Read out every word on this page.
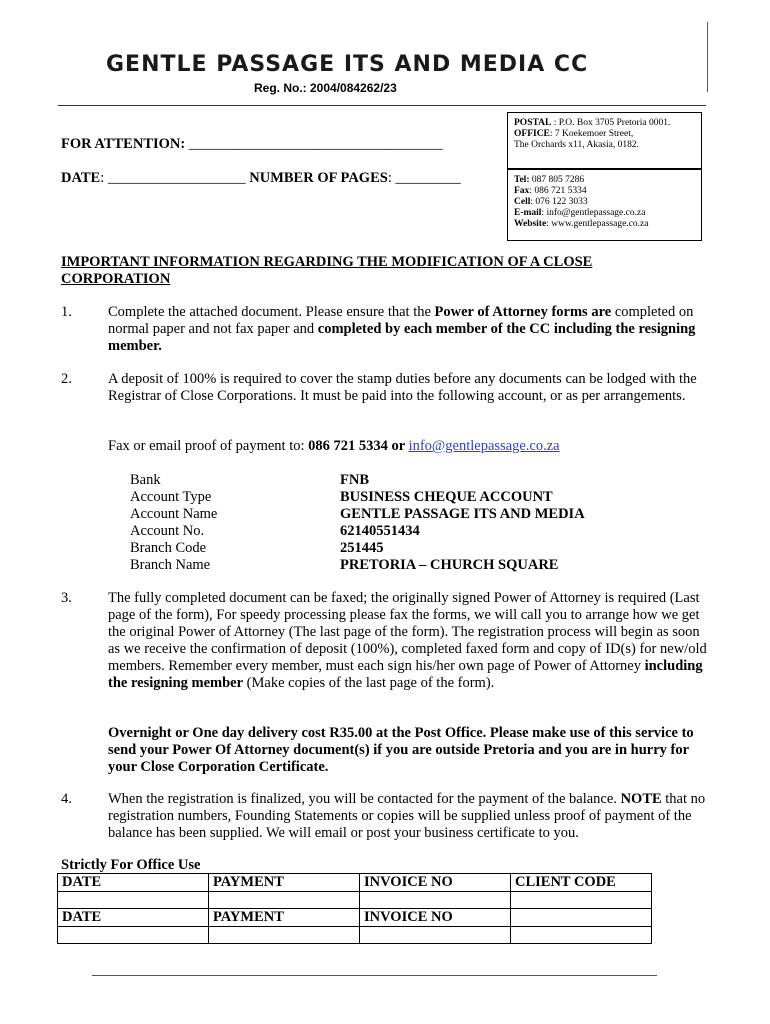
GENTLE PASSAGE ITS AND MEDIA CC
Reg. No.: 2004/084262/23
FOR ATTENTION: ___________________________________
DATE: ___________________ NUMBER OF PAGES: _________
POSTAL : P.O. Box 3705 Pretoria 0001.
OFFICE: 7 Koekemoer Street,
The Orchards x11, Akasia, 0182.
Tel: 087 805 7286
Fax: 086 721 5334
Cell: 076 122 3033
E-mail: info@gentlepassage.co.za
Website: www.gentlepassage.co.za
IMPORTANT INFORMATION REGARDING THE MODIFICATION OF A CLOSE CORPORATION
1. Complete the attached document. Please ensure that the Power of Attorney forms are completed on normal paper and not fax paper and completed by each member of the CC including the resigning member.
2. A deposit of 100% is required to cover the stamp duties before any documents can be lodged with the Registrar of Close Corporations. It must be paid into the following account, or as per arrangements.
Fax or email proof of payment to: 086 721 5334 or info@gentlepassage.co.za
Bank	FNB
Account Type	BUSINESS CHEQUE ACCOUNT
Account Name	GENTLE PASSAGE ITS AND MEDIA
Account No.	62140551434
Branch Code	251445
Branch Name	PRETORIA – CHURCH SQUARE
3. The fully completed document can be faxed; the originally signed Power of Attorney is required (Last page of the form), For speedy processing please fax the forms, we will call you to arrange how we get the original Power of Attorney (The last page of the form). The registration process will begin as soon as we receive the confirmation of deposit (100%), completed faxed form and copy of ID(s) for new/old members. Remember every member, must each sign his/her own page of Power of Attorney including the resigning member (Make copies of the last page of the form).
Overnight or One day delivery cost R35.00 at the Post Office. Please make use of this service to send your Power Of Attorney document(s) if you are outside Pretoria and you are in hurry for your Close Corporation Certificate.
4. When the registration is finalized, you will be contacted for the payment of the balance. NOTE that no registration numbers, Founding Statements or copies will be supplied unless proof of payment of the balance has been supplied. We will email or post your business certificate to you.
Strictly For Office Use
DATE	PAYMENT	INVOICE NO	CLIENT CODE

DATE	PAYMENT	INVOICE NO	
